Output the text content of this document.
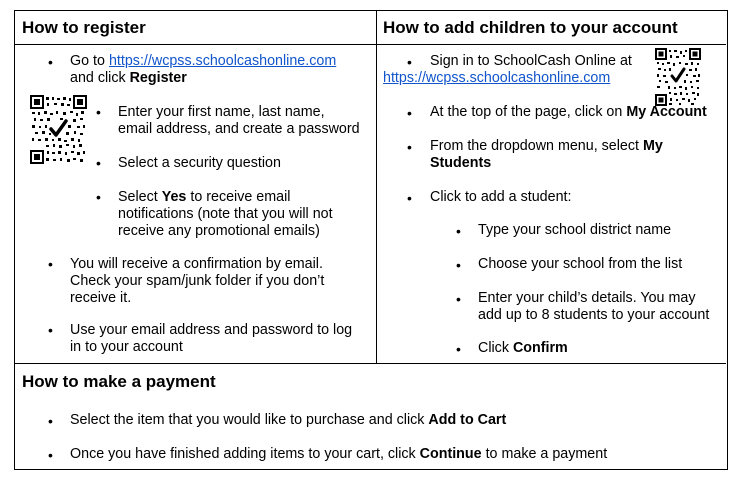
How to register
• Go to https://wcpss.schoolcashonline.com
and click Register
• Enter your first name, last name,
email address, and create a password
• Select a security question
• Select Yes to receive email
notifications (note that you will not
receive any promotional emails)
• You will receive a confirmation by email.
Check your spam/junk folder if you don’t
receive it.
• Use your email address and password to log
in to your account
How to add children to your account
• Sign in to SchoolCash Online at
https://wcpss.schoolcashonline.com
• At the top of the page, click on My Account
• From the dropdown menu, select My
Students
• Click to add a student:
• Type your school district name
• Choose your school from the list
• Enter your child’s details. You may
add up to 8 students to your account
• Click Confirm
How to make a payment
• Select the item that you would like to purchase and click Add to Cart
• Once you have finished adding items to your cart, click Continue to make a payment
